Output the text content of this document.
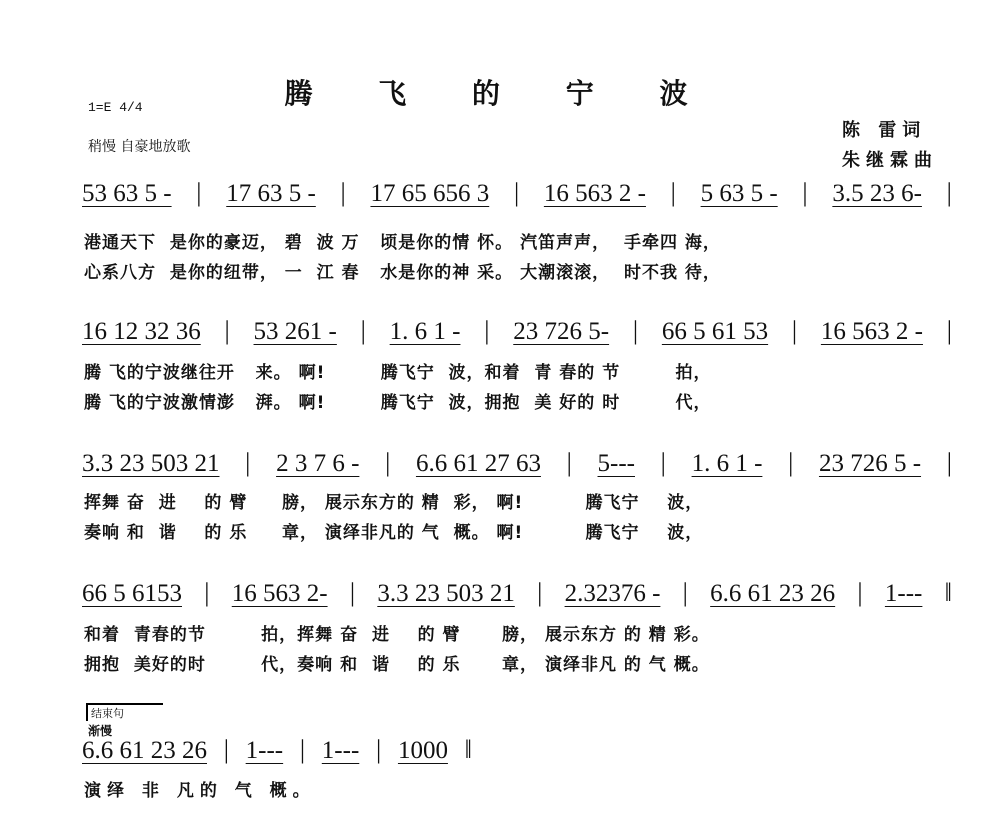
腾 飞 的 宁 波
1=E 4/4
稍慢 自豪地放歌
陈 雷词
朱继霖曲
53 63 5 - | 17 63 5 - | 17 65 656 3 | 16 563 2 - | 5 63 5 - | 3.5 23 6- |
港通天下  是你的豪迈， 碧  波 万   顷是你的情 怀。 汽笛声声，  手牵四 海，
心系八方  是你的纽带， 一  江 春   水是你的神 采。 大潮滚滚，  时不我 待，
16 12 32 36 | 53 261 - | 1. 6 1 - | 23 726 5- | 66 5 61 53 | 16 563 2 - |
腾 飞的宁波继往开   来。 啊!        腾飞宁  波，和着  青 春的 节        拍，
腾 飞的宁波激情澎   湃。 啊!        腾飞宁  波，拥抱  美 好的 时        代，
3.3 23 503 21 | 2 3 7 6 - | 6.6 61 27 63 | 5--- | 1. 6 1 - | 23 726 5 - |
挥舞 奋  进    的 臂     膀， 展示东方的 精  彩， 啊!         腾飞宁    波，
奏响 和  谐    的 乐     章， 演绎非凡的 气  概。 啊!         腾飞宁    波，
66 5 6153 | 16 563 2- | 3.3 23 503 21 | 2.32376 - | 6.6 61 23 26 | 1--- ‖
和着  青春的节        拍，挥舞 奋  进    的 臂      膀， 展示东方 的 精 彩。
拥抱  美好的时        代，奏响 和  谐    的 乐      章， 演绎非凡 的 气 概。
结束句
渐慢
6.6 61 23 26 | 1--- | 1--- | 1000 ‖
演绎 非 凡的 气 概。
